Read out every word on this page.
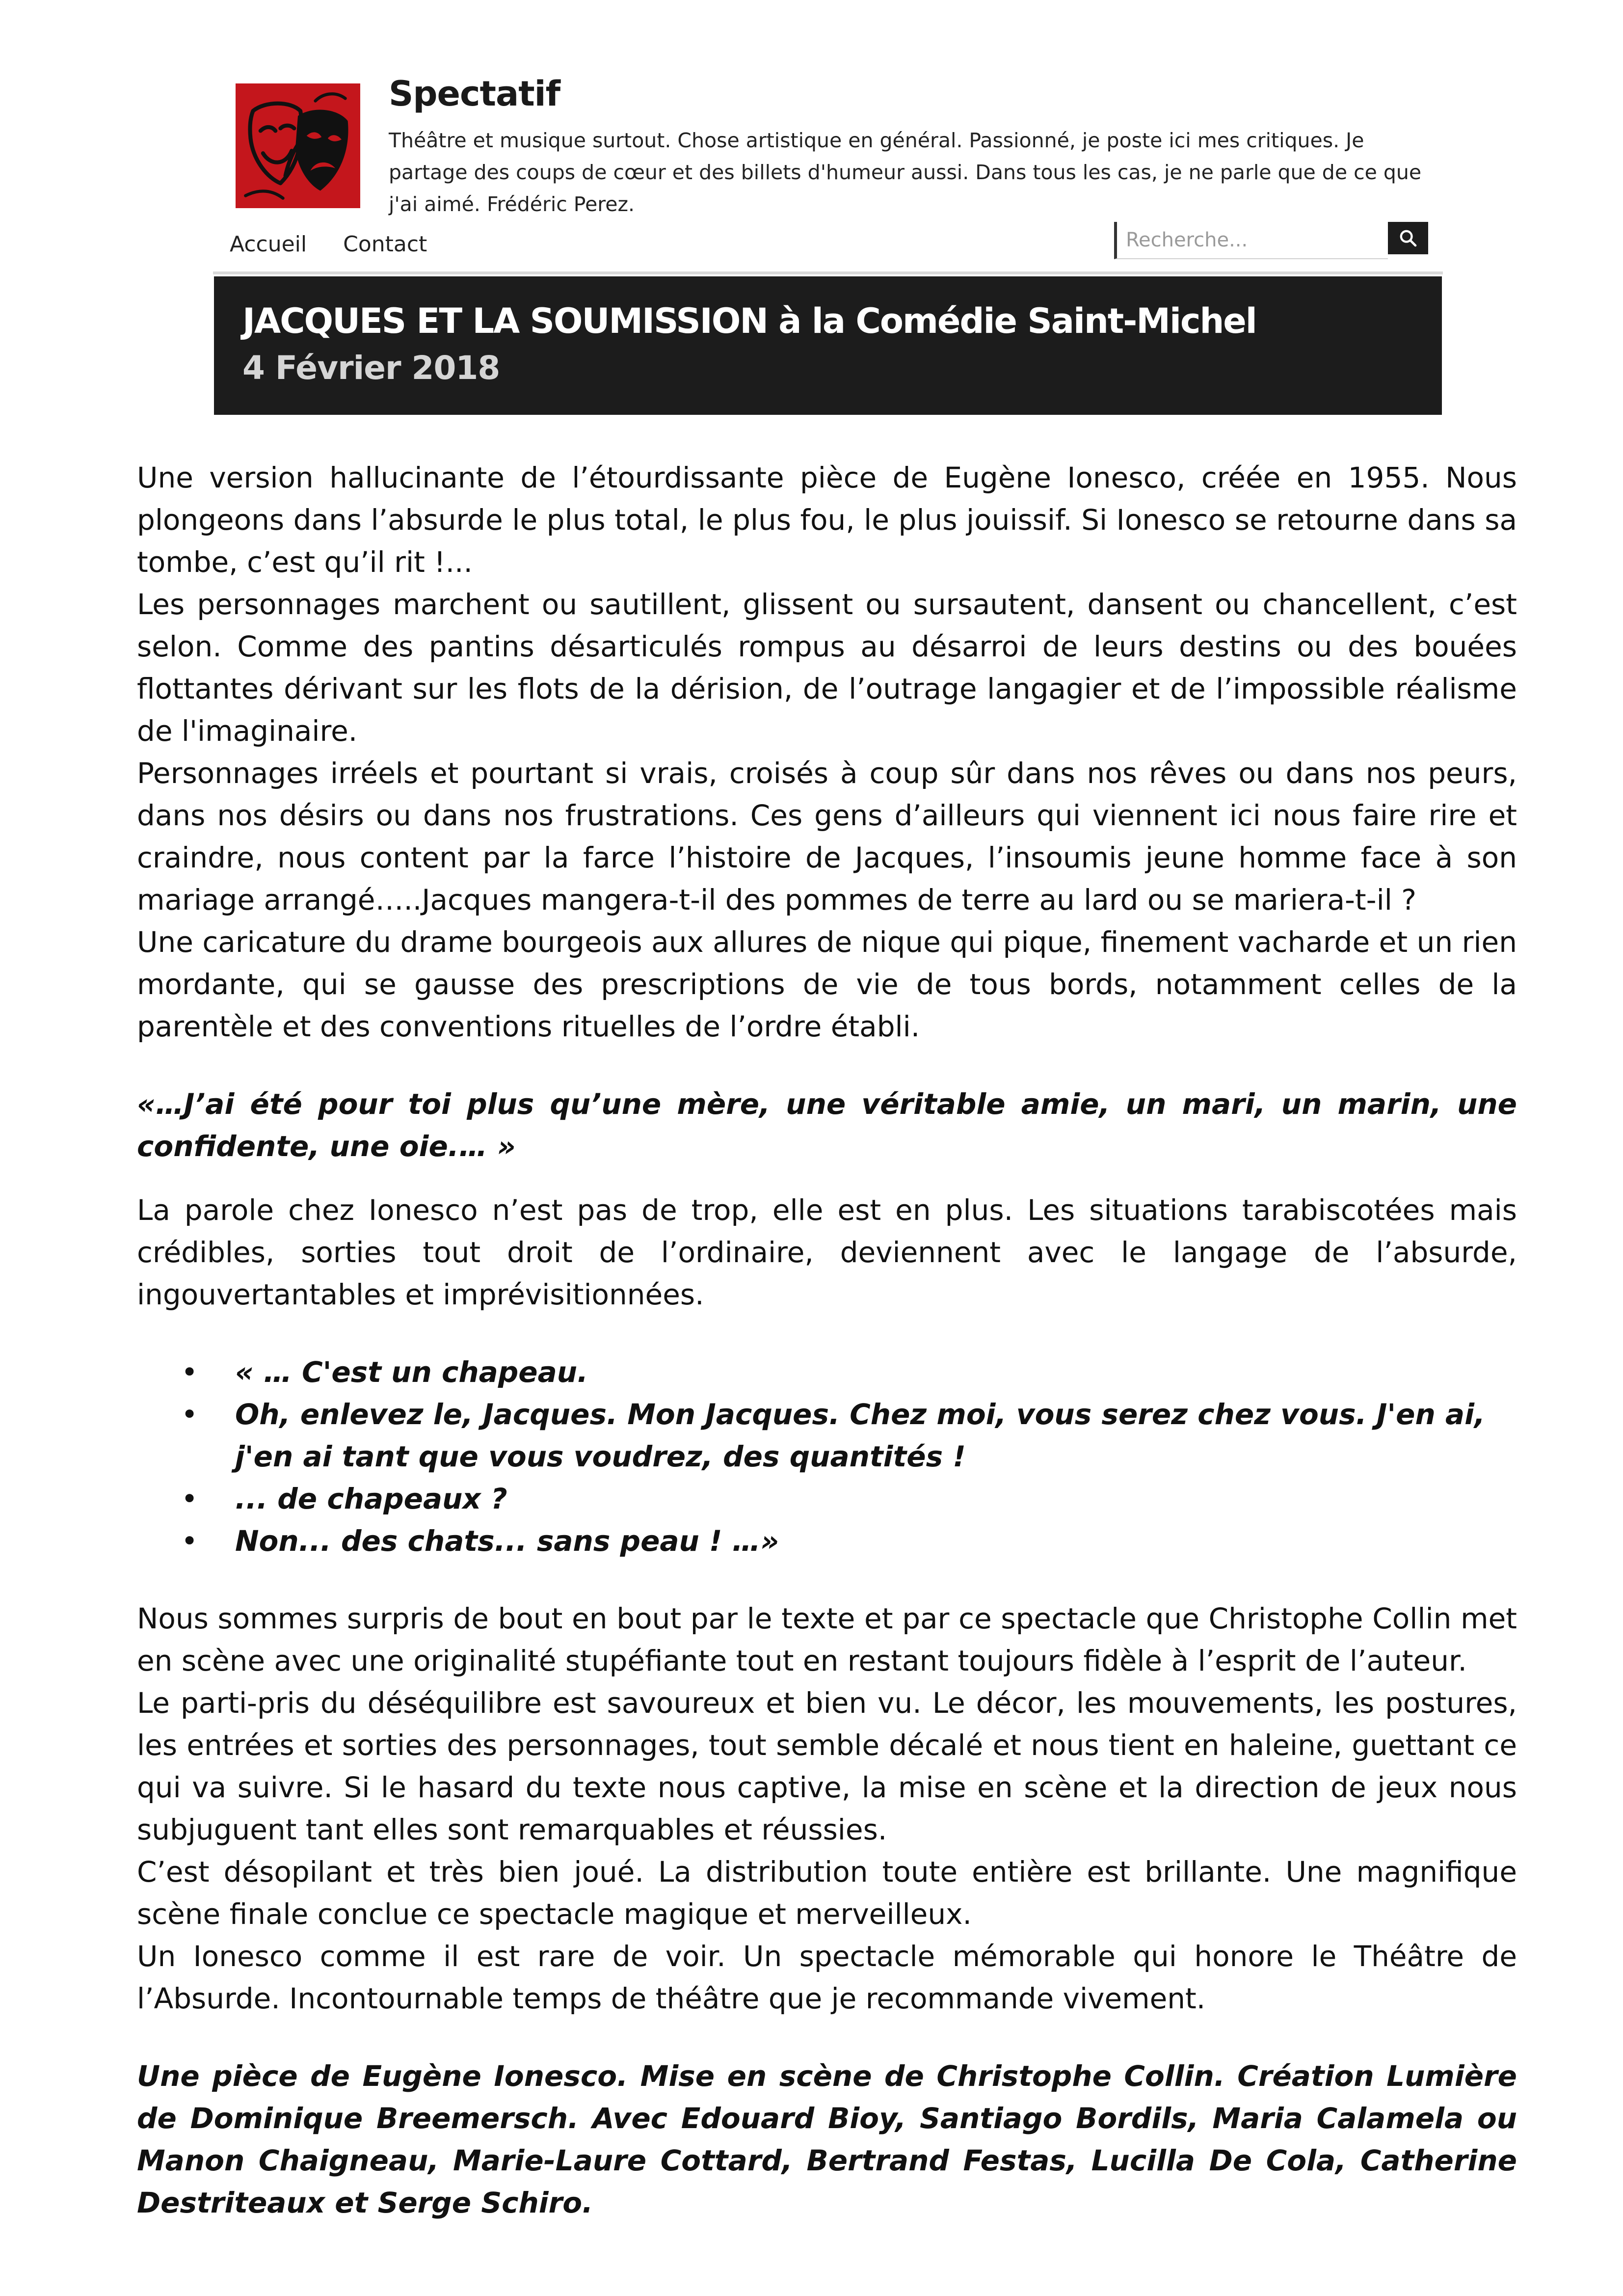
Spectatif
Théâtre et musique surtout. Chose artistique en général. Passionné, je poste ici mes critiques. Je partage des coups de cœur et des billets d'humeur aussi. Dans tous les cas, je ne parle que de ce que j'ai aimé. Frédéric Perez.
Accueil Contact
Recherche...
JACQUES ET LA SOUMISSION à la Comédie Saint-Michel
4 Février 2018

Une version hallucinante de l’étourdissante pièce de Eugène Ionesco, créée en 1955. Nous plongeons dans l’absurde le plus total, le plus fou, le plus jouissif. Si Ionesco se retourne dans sa tombe, c’est qu’il rit !...

Les personnages marchent ou sautillent, glissent ou sursautent, dansent ou chancellent, c’est selon. Comme des pantins désarticulés rompus au désarroi de leurs destins ou des bouées flottantes dérivant sur les flots de la dérision, de l’outrage langagier et de l’impossible réalisme de l'imaginaire.

Personnages irréels et pourtant si vrais, croisés à coup sûr dans nos rêves ou dans nos peurs, dans nos désirs ou dans nos frustrations. Ces gens d’ailleurs qui viennent ici nous faire rire et craindre, nous content par la farce l’histoire de Jacques, l’insoumis jeune homme face à son mariage arrangé…..Jacques mangera-t-il des pommes de terre au lard ou se mariera-t-il ?

Une caricature du drame bourgeois aux allures de nique qui pique, finement vacharde et un rien mordante, qui se gausse des prescriptions de vie de tous bords, notamment celles de la parentèle et des conventions rituelles de l’ordre établi.

«…J’ai été pour toi plus qu’une mère, une véritable amie, un mari, un marin, une confidente, une oie.… »

La parole chez Ionesco n’est pas de trop, elle est en plus. Les situations tarabiscotées mais crédibles, sorties tout droit de l’ordinaire, deviennent avec le langage de l’absurde, ingouvertantables et imprévisitionnées.

• « … C'est un chapeau.
• Oh, enlevez le, Jacques. Mon Jacques. Chez moi, vous serez chez vous. J'en ai, j'en ai tant que vous voudrez, des quantités !
• ... de chapeaux ?
• Non... des chats... sans peau ! …»

Nous sommes surpris de bout en bout par le texte et par ce spectacle que Christophe Collin met en scène avec une originalité stupéfiante tout en restant toujours fidèle à l’esprit de l’auteur.

Le parti-pris du déséquilibre est savoureux et bien vu. Le décor, les mouvements, les postures, les entrées et sorties des personnages, tout semble décalé et nous tient en haleine, guettant ce qui va suivre. Si le hasard du texte nous captive, la mise en scène et la direction de jeux nous subjuguent tant elles sont remarquables et réussies.

C’est désopilant et très bien joué. La distribution toute entière est brillante. Une magnifique scène finale conclue ce spectacle magique et merveilleux.

Un Ionesco comme il est rare de voir. Un spectacle mémorable qui honore le Théâtre de l’Absurde. Incontournable temps de théâtre que je recommande vivement.

Une pièce de Eugène Ionesco. Mise en scène de Christophe Collin. Création Lumière de Dominique Breemersch. Avec Edouard Bioy, Santiago Bordils, Maria Calamela ou Manon Chaigneau, Marie-Laure Cottard, Bertrand Festas, Lucilla De Cola, Catherine Destriteaux et Serge Schiro.
